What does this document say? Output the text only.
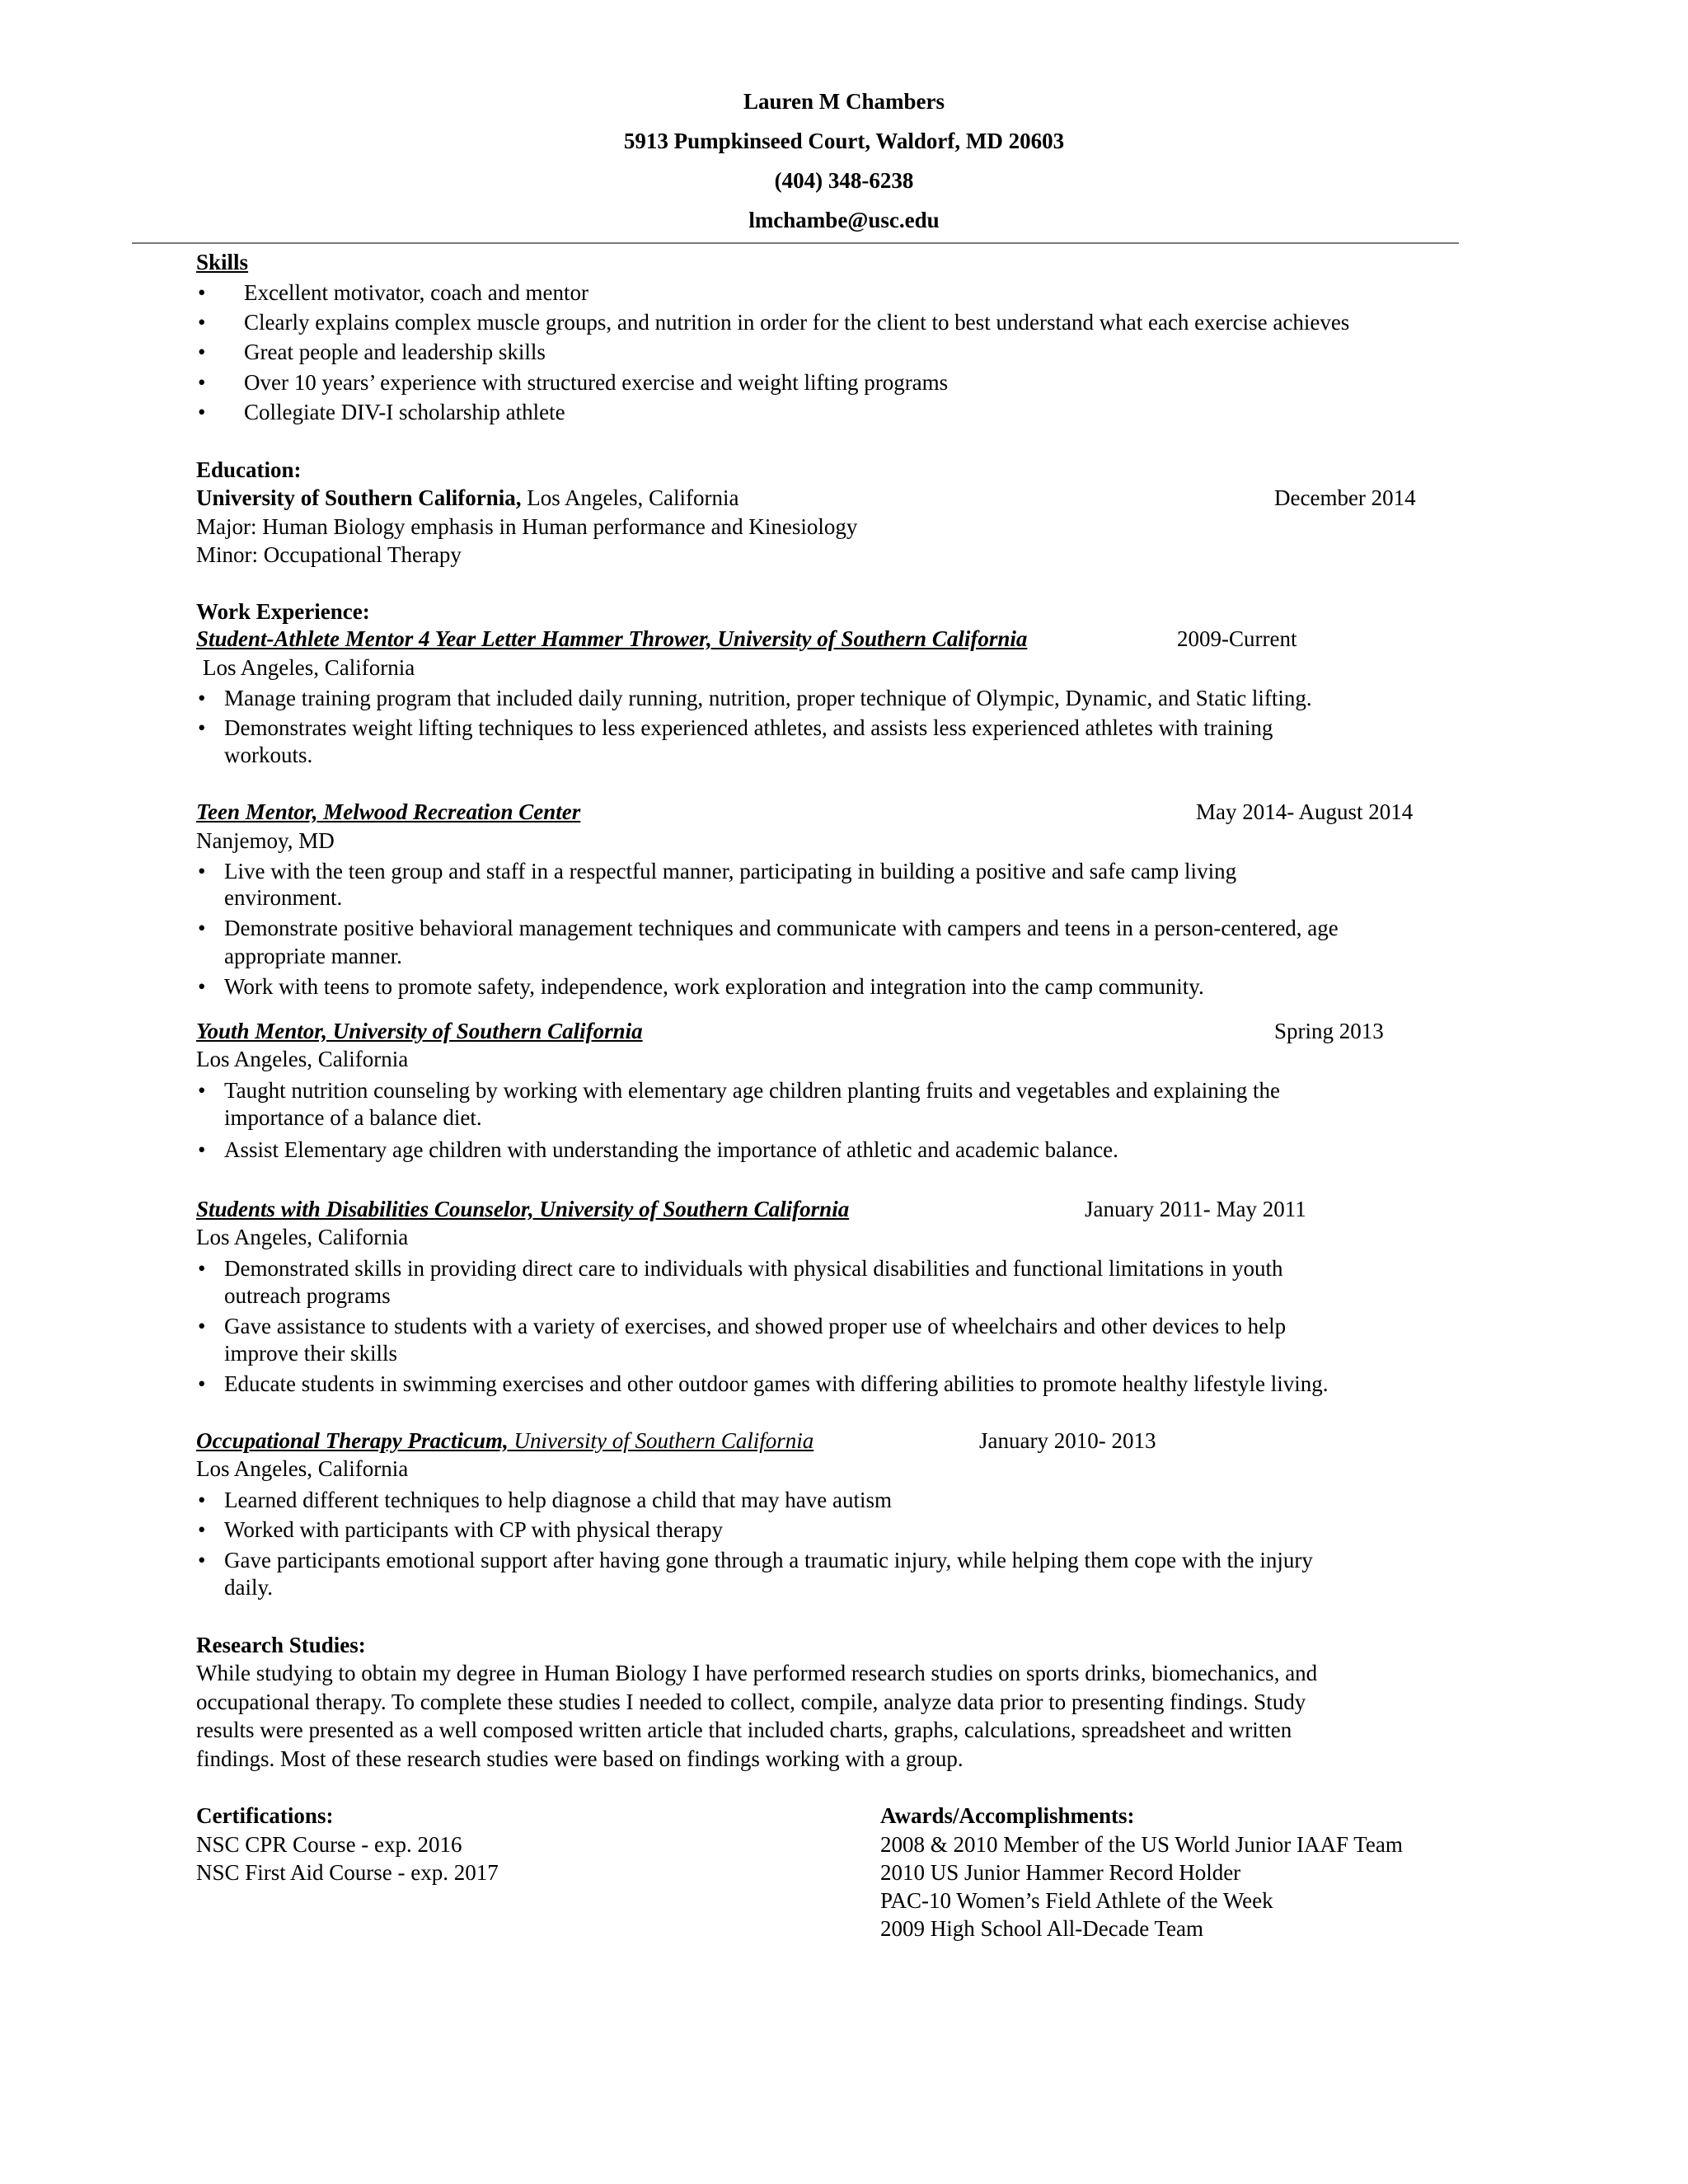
Lauren M Chambers
5913 Pumpkinseed Court, Waldorf, MD 20603
(404) 348-6238
lmchambe@usc.edu
Skills
• Excellent motivator, coach and mentor
• Clearly explains complex muscle groups, and nutrition in order for the client to best understand what each exercise achieves
• Great people and leadership skills
• Over 10 years’ experience with structured exercise and weight lifting programs
• Collegiate DIV-I scholarship athlete
Education:
University of Southern California, Los Angeles, California	December 2014
Major: Human Biology emphasis in Human performance and Kinesiology
Minor: Occupational Therapy
Work Experience:
Student-Athlete Mentor 4 Year Letter Hammer Thrower, University of Southern California	2009-Current
Los Angeles, California
• Manage training program that included daily running, nutrition, proper technique of Olympic, Dynamic, and Static lifting.
• Demonstrates weight lifting techniques to less experienced athletes, and assists less experienced athletes with training
workouts.
Teen Mentor, Melwood Recreation Center	May 2014- August 2014
Nanjemoy, MD
• Live with the teen group and staff in a respectful manner, participating in building a positive and safe camp living
environment.
• Demonstrate positive behavioral management techniques and communicate with campers and teens in a person-centered, age
appropriate manner.
• Work with teens to promote safety, independence, work exploration and integration into the camp community.
Youth Mentor, University of Southern California	Spring 2013
Los Angeles, California
• Taught nutrition counseling by working with elementary age children planting fruits and vegetables and explaining the
importance of a balance diet.
• Assist Elementary age children with understanding the importance of athletic and academic balance.
Students with Disabilities Counselor, University of Southern California	January 2011- May 2011
Los Angeles, California
• Demonstrated skills in providing direct care to individuals with physical disabilities and functional limitations in youth
outreach programs
• Gave assistance to students with a variety of exercises, and showed proper use of wheelchairs and other devices to help
improve their skills
• Educate students in swimming exercises and other outdoor games with differing abilities to promote healthy lifestyle living.
Occupational Therapy Practicum, University of Southern California	January 2010- 2013
Los Angeles, California
• Learned different techniques to help diagnose a child that may have autism
• Worked with participants with CP with physical therapy
• Gave participants emotional support after having gone through a traumatic injury, while helping them cope with the injury
daily.
Research Studies:
While studying to obtain my degree in Human Biology I have performed research studies on sports drinks, biomechanics, and
occupational therapy. To complete these studies I needed to collect, compile, analyze data prior to presenting findings. Study
results were presented as a well composed written article that included charts, graphs, calculations, spreadsheet and written
findings. Most of these research studies were based on findings working with a group.
Certifications:
NSC CPR Course - exp. 2016
NSC First Aid Course - exp. 2017
Awards/Accomplishments:
2008 & 2010 Member of the US World Junior IAAF Team
2010 US Junior Hammer Record Holder
PAC-10 Women’s Field Athlete of the Week
2009 High School All-Decade Team
